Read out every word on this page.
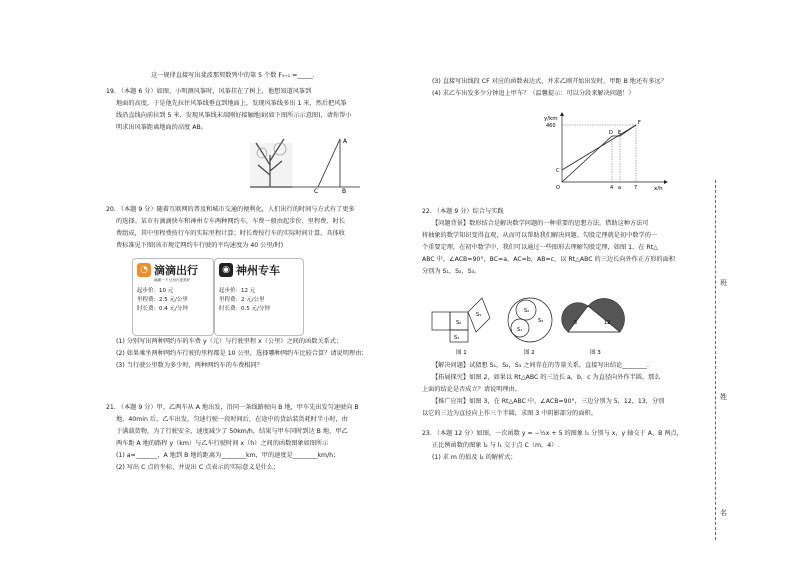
这一规律直接写出斐波那契数列中的第 5 个数 F₅₊₁ =_____.

19. （本题 6 分）如图，小明测风筝时，风筝挂在了树上，他想知道风筝到

地面的高度，于是他先拉住风筝线垂直到地面上，发现风筝线多出 1 米，然后把风筝

线沿直线向前拉到 5 米，发现风筝线末端刚好接触地面(如下图所示示意图)，请你帮小

明求出风筝距离地面的高度 AB。

A
C	B

20. （本题 9 分）随着互联网的普及和城市交通的便利化，人们出行的时间与方式有了更多

的选择。某市有滴滴快车和神州专车两种网约车，车费一般由起步价、里程费、时长

费组成，其中里程费按行车的实际里程计算；时长费按行车的实际时间计算，具体收

费标准见下图(该市规定网约车行驶的平均速度为 40 公里/时)

◔ 滴滴出行
滴滴一下 让出行更美好
起步价：10 元
里程费：2.5 元/公里
时长费：0.4 元/分钟
◉ 神州专车
起步价：12 元
里程费：2 元/公里
时长费：0.5 元/分钟

(1) 分别写出两种网约车的车费 y（元）与行驶里程 x（公里）之间的函数关系式；

(2) 如果乘坐两种网约车行驶的里程都是 10 公里，选择哪种网约车比较合算？请说明理由；

(3) 当行驶公里数为多少时，两种网约车的车费相同？

21. （本题 9 分）甲、乙两车从 A 地出发，沿同一条线路驶向 B 地，甲车先出发匀速驶向 B

地，40min 后，乙车出发，匀速行驶一段时间后，在途中的货站装货耗时半小时，由

于满载货物，为了行驶安全，速度减少了 50km/h，结果与甲车同时到达 B 地，甲乙

两车距 A 地的路程 y（km）与乙车行驶时间 x（h）之间的函数图象如图所示

(1) a=_______，A 地到 B 地的距离为________km，甲的速度是________km/h；

(2) 写出 C 点的坐标，并说出 C 点表示的实际意义是什么；

(3) 直接写出线段 CF 对应的函数表达式，并求乙刚开始出发时，甲距 B 地还有多远？

(4) 求乙车出发多少分钟追上甲车？（温馨提示：可以分段来解决问题！）

y/km
x/h
460
C
D E
F
O	4 a	7

22. （本题 9 分）综合与实践

【问题背景】数形结合是解决数学问题的一种重要的思想方法。借助这种方法可

将抽象的数学知识变得直观，从而可以帮助我们解决问题。勾股定理就是初中数学的一

个重要定理，在初中数学中，我们可以通过一些图形去理解勾股定理，如图 1，在 Rt△

ABC 中，∠ACB=90°，BC=a，AC=b，AB=c，以 Rt△ABC 的三边长向外作正方形的面积

分别为 S₁，S₂，S₃。

S₂
S₁
S₃
S₂
S₁
S₃	5	12
图 1	图 2	图 3

【解决问题】试猜想 S₁，S₂，S₃ 之间存在的等量关系，直接写出结论________.

【拓展探究】如图 2，如果以 Rt△ABC 的三边长 a，b，c 为直径向外作半圆，那么

上面的结论是否成立？请说明理由。

【推广应用】如图 3，在 Rt△ABC 中，∠ACB=90°，三边分别为 5，12，13，分别

以它的三边为直径向上作三个半圆，求图 3 中阴影部分的面积。

23. （本题 12 分）如图，一次函数 y = −½x + 5 的图象 l₁ 分别与 x，y 轴交于 A，B 两点，

正比例函数的图象 l₂ 与 l₁ 交于点 C（m，4）.

(1) 求 m 的值及 l₂ 的解析式；

班
姓
名
